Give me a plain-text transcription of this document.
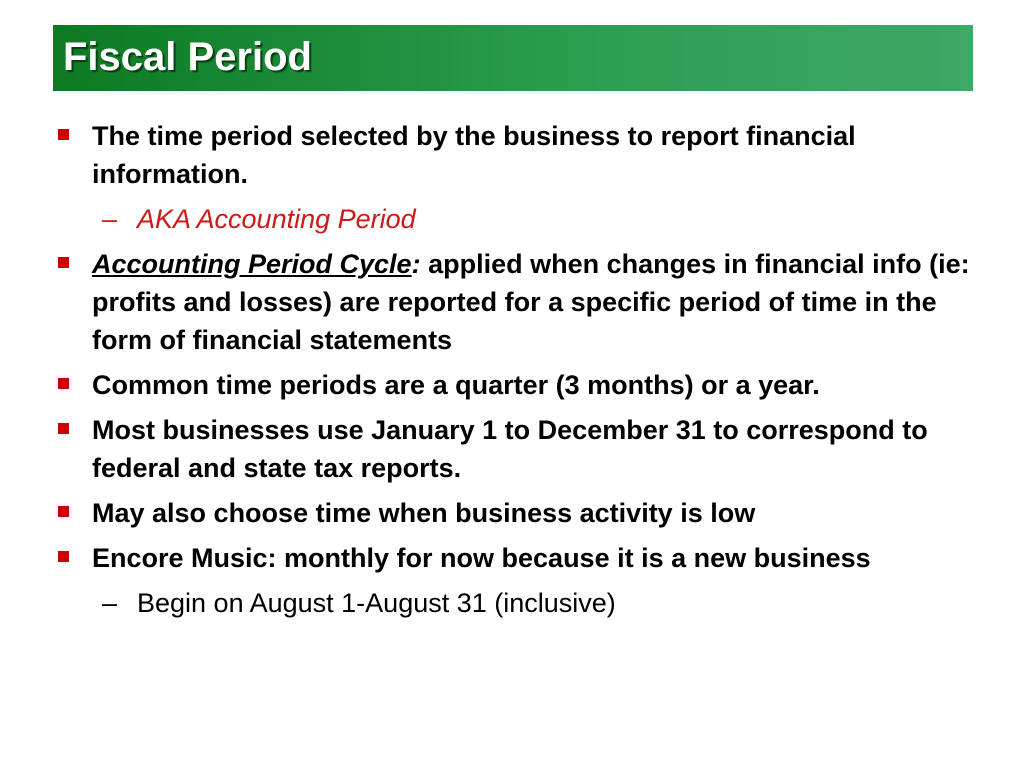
Fiscal Period
The time period selected by the business to report financial information.
– AKA Accounting Period
Accounting Period Cycle: applied when changes in financial info (ie: profits and losses) are reported for a specific period of time in the form of financial statements
Common time periods are a quarter (3 months) or a year.
Most businesses use January 1 to December 31 to correspond to federal and state tax reports.
May also choose time when business activity is low
Encore Music: monthly for now because it is a new business
– Begin on August 1-August 31 (inclusive)
